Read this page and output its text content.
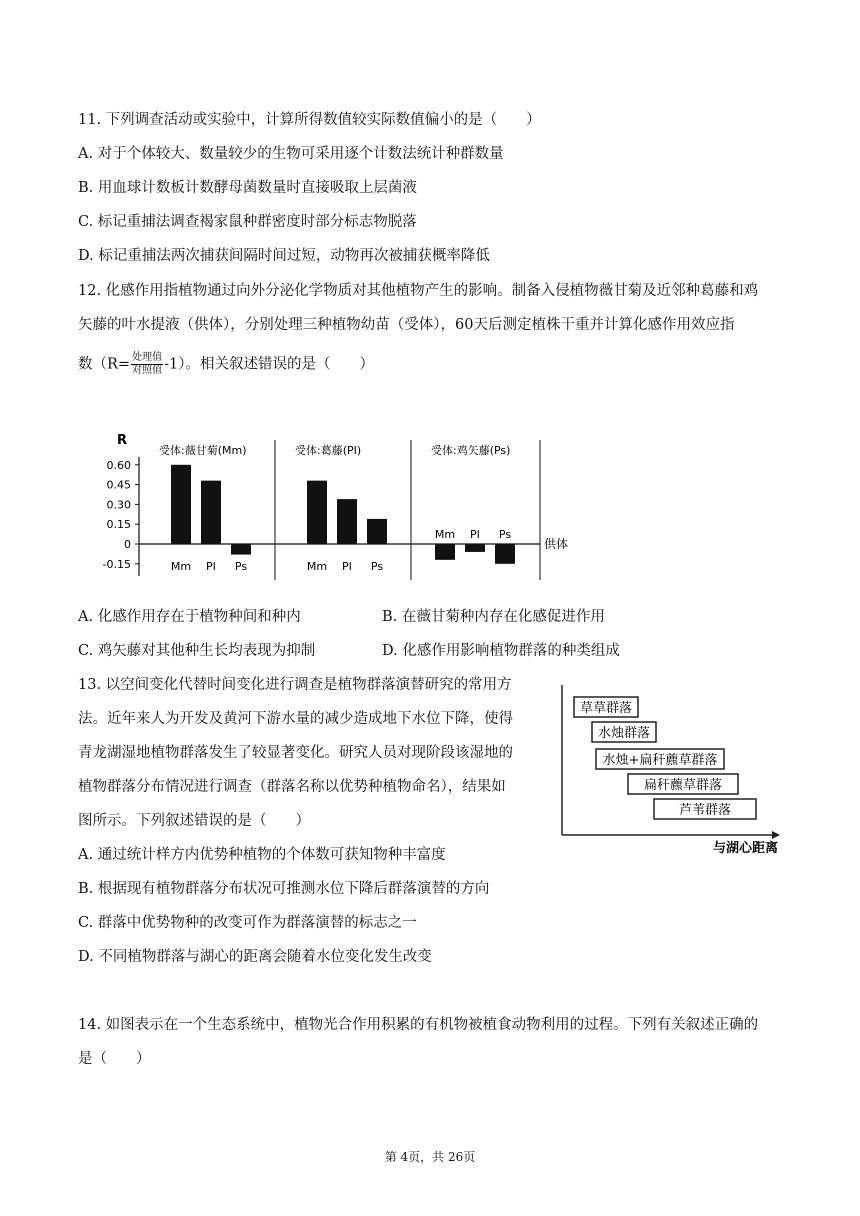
11. 下列调查活动或实验中，计算所得数值较实际数值偏小的是（　　）
A. 对于个体较大、数量较少的生物可采用逐个计数法统计种群数量
B. 用血球计数板计数酵母菌数量时直接吸取上层菌液
C. 标记重捕法调查褐家鼠种群密度时部分标志物脱落
D. 标记重捕法两次捕获间隔时间过短，动物再次被捕获概率降低
12. 化感作用指植物通过向外分泌化学物质对其他植物产生的影响。制备入侵植物薇甘菊及近邻种葛藤和鸡
矢藤的叶水提液（供体），分别处理三种植物幼苗（受体），60天后测定植株干重并计算化感作用效应指
数$(R= \frac{\text{处理值}}{\text{对照值}} -1)$。相关叙述错误的是（　　）
R
0.60
0.45
0.30
0.15
0
-0.15
供体
受体:薇甘菊(Mm)
Mm PI Ps
受体:葛藤(PI)
Mm PI Ps
受体:鸡矢藤(Ps)
Mm PI Ps
A. 化感作用存在于植物种间和种内	B. 在薇甘菊种内存在化感促进作用
C. 鸡矢藤对其他种生长均表现为抑制	D. 化感作用影响植物群落的种类组成
13. 以空间变化代替时间变化进行调查是植物群落演替研究的常用方
法。近年来人为开发及黄河下游水量的减少造成地下水位下降，使得
青龙湖湿地植物群落发生了较显著变化。研究人员对现阶段该湿地的
植物群落分布情况进行调查（群落名称以优势种植物命名），结果如
图所示。下列叙述错误的是（　　）
草草群落
水烛群落
水烛+扁秆藨草群落
扁秆藨草群落
芦苇群落
与湖心距离
A. 通过统计样方内优势种植物的个体数可获知物种丰富度
B. 根据现有植物群落分布状况可推测水位下降后群落演替的方向
C. 群落中优势物种的改变可作为群落演替的标志之一
D. 不同植物群落与湖心的距离会随着水位变化发生改变
14. 如图表示在一个生态系统中，植物光合作用积累的有机物被植食动物利用的过程。下列有关叙述正确的
是（　　）
第 4页，共 26页
